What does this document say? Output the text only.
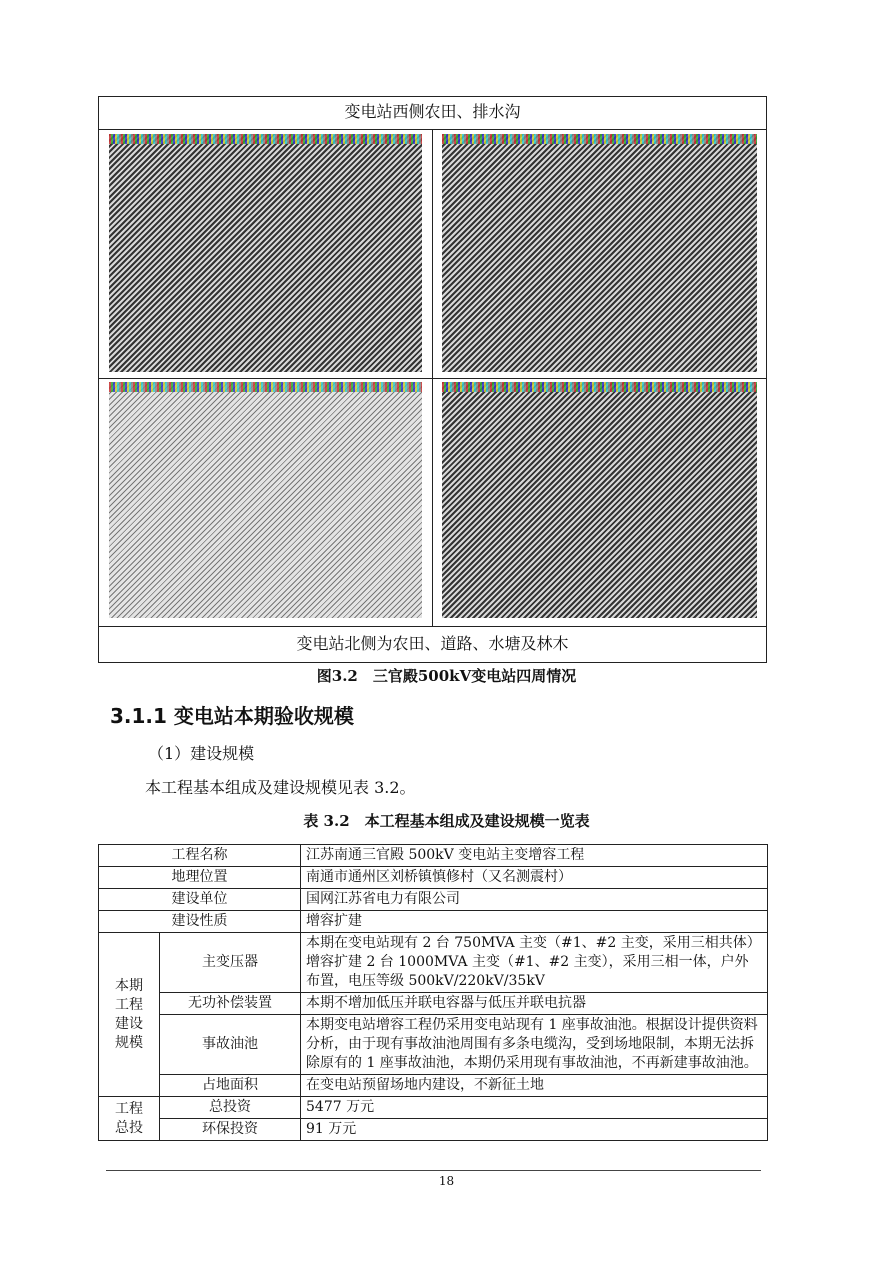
变电站西侧农田、排水沟
变电站北侧为农田、道路、水塘及林木
图3.2　三官殿500kV变电站四周情况
3.1.1 变电站本期验收规模
（1）建设规模
本工程基本组成及建设规模见表 3.2。
表 3.2　本工程基本组成及建设规模一览表
工程名称		江苏南通三官殿 500kV 变电站主变增容工程
地理位置		南通市通州区刘桥镇慎修村（又名测震村）
建设单位		国网江苏省电力有限公司
建设性质		增容扩建
本期工程建设规模	主变压器	本期在变电站现有 2 台 750MVA 主变（#1、#2 主变，采用三相共体）增容扩建 2 台 1000MVA 主变（#1、#2 主变），采用三相一体，户外布置，电压等级 500kV/220kV/35kV
	无功补偿装置	本期不增加低压并联电容器与低压并联电抗器
	事故油池	本期变电站增容工程仍采用变电站现有 1 座事故油池。根据设计提供资料分析，由于现有事故油池周围有多条电缆沟，受到场地限制，本期无法拆除原有的 1 座事故油池，本期仍采用现有事故油池，不再新建事故油池。
	占地面积	在变电站预留场地内建设，不新征土地
工程总投	总投资	5477 万元
	环保投资	91 万元
18
